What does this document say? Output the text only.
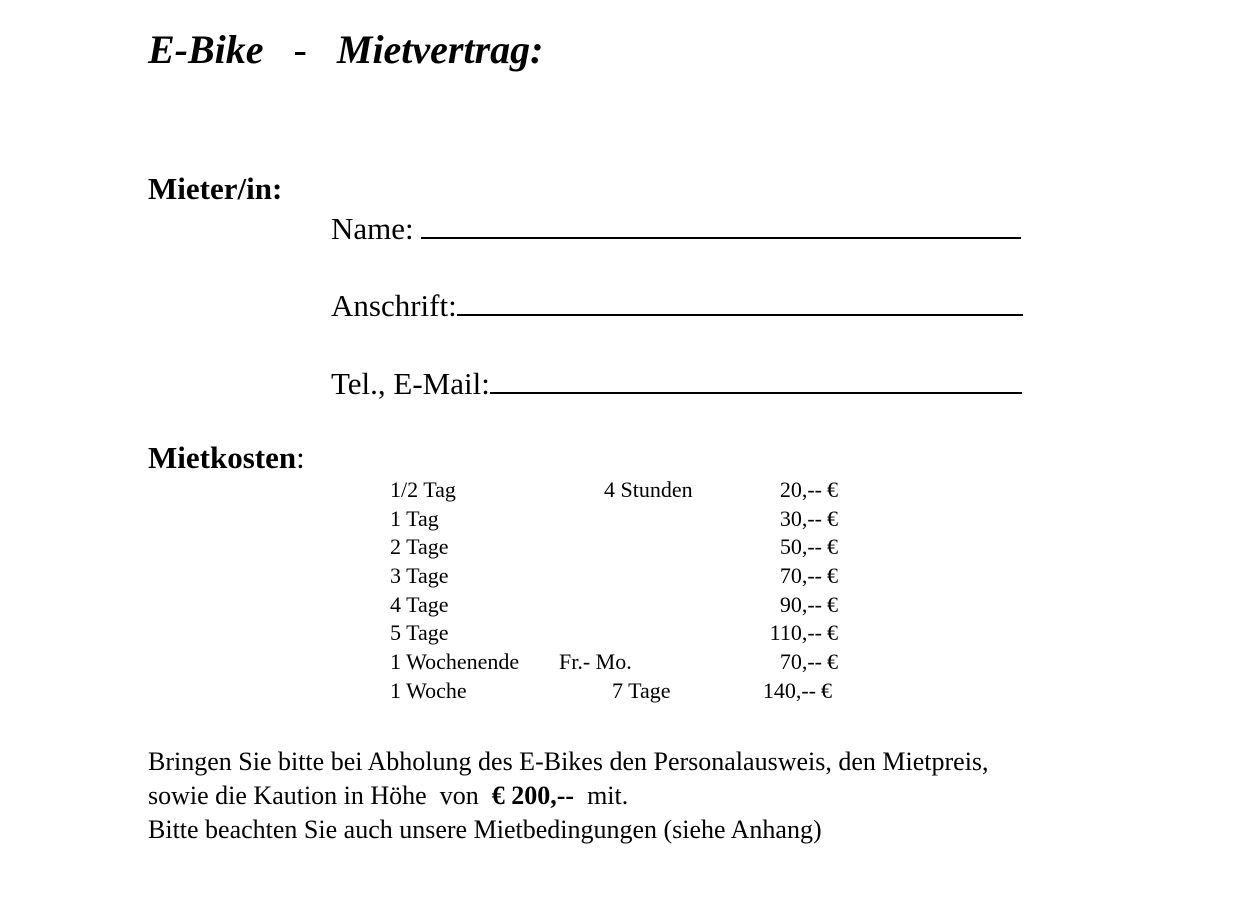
E-Bike - Mietvertrag:
Mieter/in:
Name:
Anschrift:
Tel., E-Mail:
Mietkosten:
1/2 Tag	4 Stunden	20,-- €
1 Tag	30,-- €
2 Tage	50,-- €
3 Tage	70,-- €
4 Tage	90,-- €
5 Tage	110,-- €
1 Wochenende Fr.- Mo.	70,-- €
1 Woche	7 Tage	140,-- €
Bringen Sie bitte bei Abholung des E-Bikes den Personalausweis, den Mietpreis,
sowie die Kaution in Höhe  von  € 200,--  mit.
Bitte beachten Sie auch unsere Mietbedingungen (siehe Anhang)
